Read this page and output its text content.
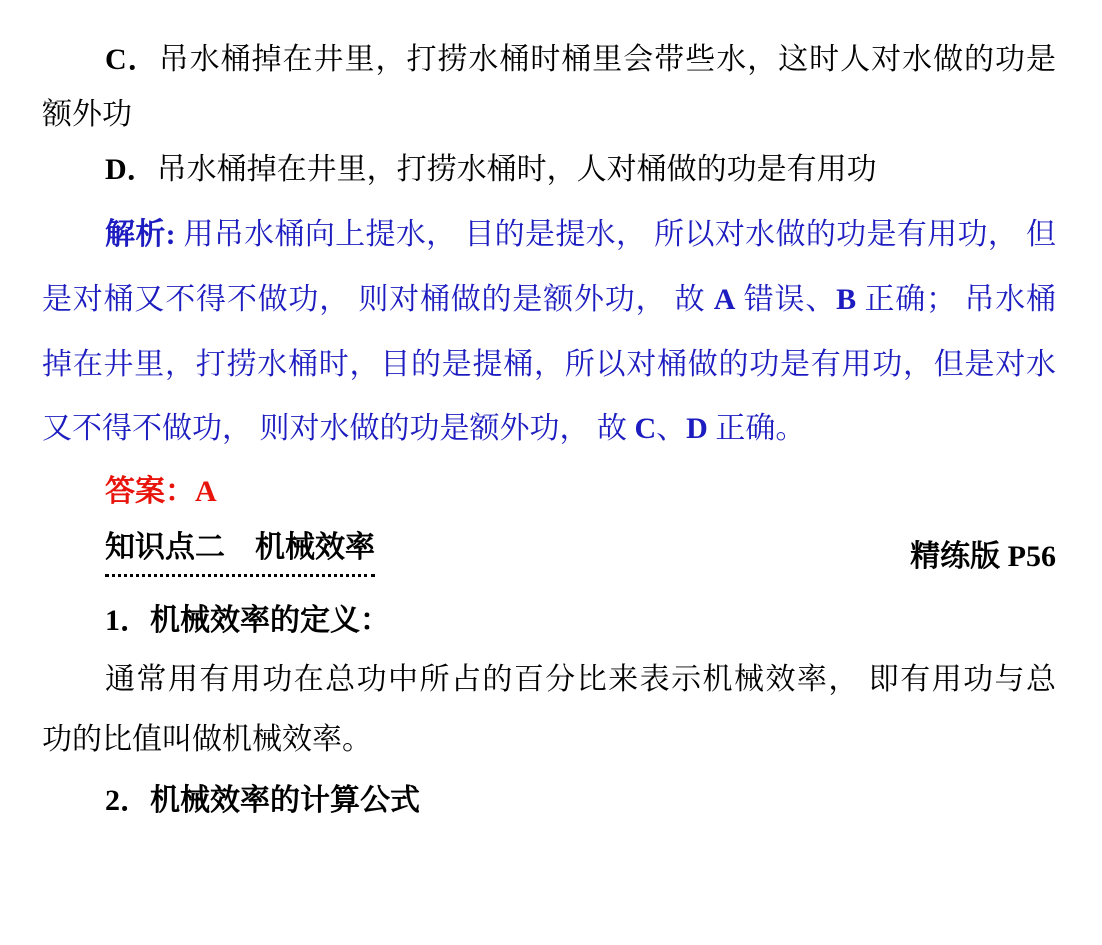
C．吊水桶掉在井里，打捞水桶时桶里会带些水，这时人对水做的功是
额外功
D．吊水桶掉在井里，打捞水桶时，人对桶做的功是有用功
解析: 用吊水桶向上提水， 目的是提水， 所以对水做的功是有用功， 但
是对桶又不得不做功， 则对桶做的是额外功， 故 A 错误、B 正确； 吊水桶
掉在井里，打捞水桶时，目的是提桶，所以对桶做的功是有用功，但是对水
又不得不做功， 则对水做的功是额外功， 故 C、D 正确。
答案：A
知识点二　机械效率	精练版 P56
1．机械效率的定义：
通常用有用功在总功中所占的百分比来表示机械效率， 即有用功与总
功的比值叫做机械效率。
2．机械效率的计算公式
